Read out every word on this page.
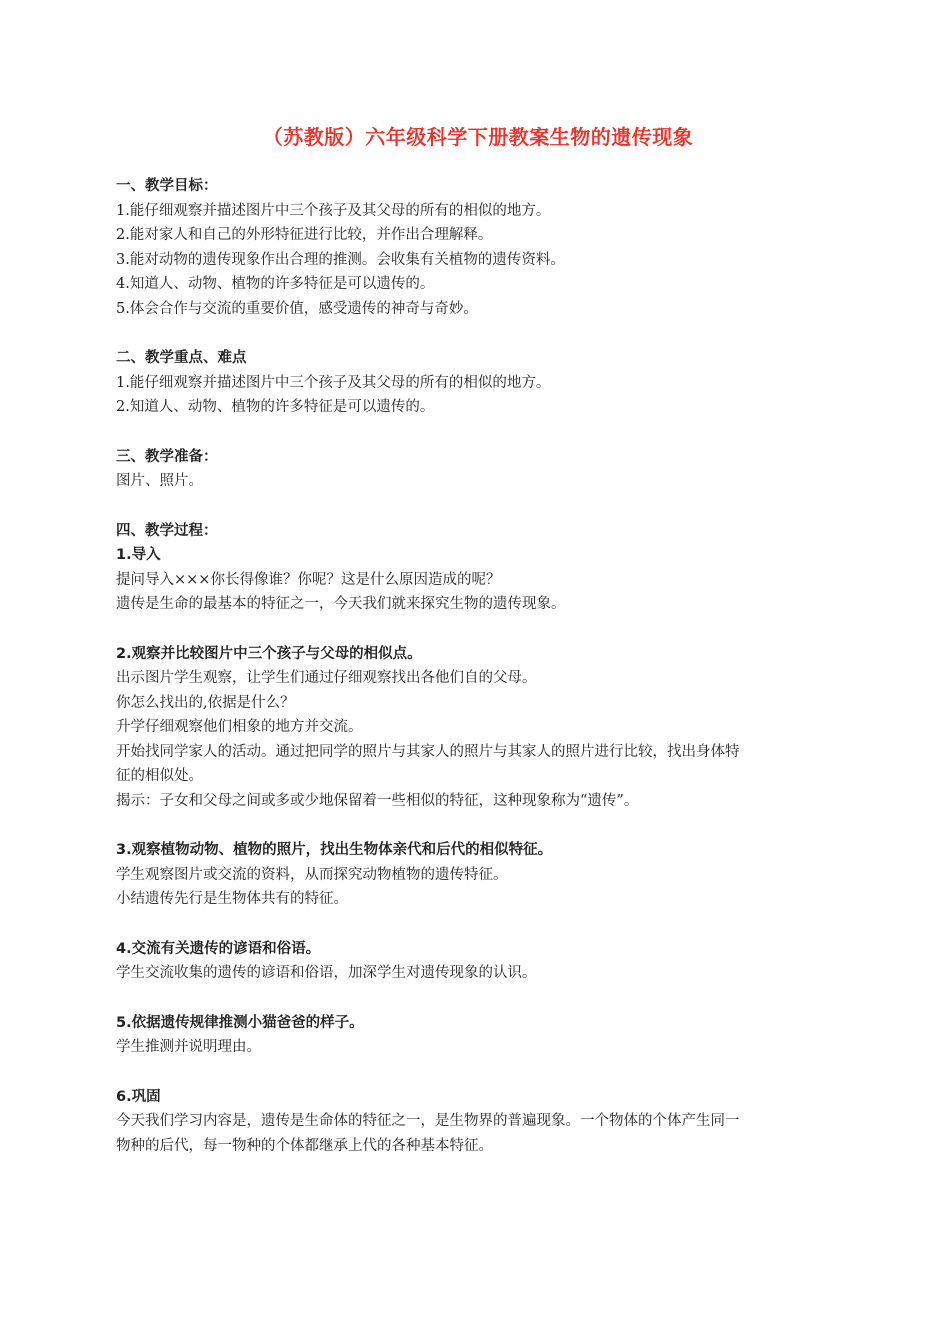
（苏教版）六年级科学下册教案生物的遗传现象

一、教学目标：

1.能仔细观察并描述图片中三个孩子及其父母的所有的相似的地方。

2.能对家人和自己的外形特征进行比较，并作出合理解释。

3.能对动物的遗传现象作出合理的推测。会收集有关植物的遗传资料。

4.知道人、动物、植物的许多特征是可以遗传的。

5.体会合作与交流的重要价值，感受遗传的神奇与奇妙。

二、教学重点、难点

1.能仔细观察并描述图片中三个孩子及其父母的所有的相似的地方。

2.知道人、动物、植物的许多特征是可以遗传的。

三、教学准备：

图片、照片。

四、教学过程：

1.导入

提问导入×××你长得像谁？你呢？这是什么原因造成的呢？

遗传是生命的最基本的特征之一，今天我们就来探究生物的遗传现象。

2.观察并比较图片中三个孩子与父母的相似点。

出示图片学生观察，让学生们通过仔细观察找出各他们自的父母。

你怎么找出的,依据是什么？

升学仔细观察他们相象的地方并交流。

开始找同学家人的活动。通过把同学的照片与其家人的照片与其家人的照片进行比较，找出身体特

征的相似处。

揭示：子女和父母之间或多或少地保留着一些相似的特征，这种现象称为“遗传”。

3.观察植物动物、植物的照片，找出生物体亲代和后代的相似特征。

学生观察图片或交流的资料，从而探究动物植物的遗传特征。

小结遗传先行是生物体共有的特征。

4.交流有关遗传的谚语和俗语。

学生交流收集的遗传的谚语和俗语，加深学生对遗传现象的认识。

5.依据遗传规律推测小猫爸爸的样子。

学生推测并说明理由。

6.巩固

今天我们学习内容是，遗传是生命体的特征之一，是生物界的普遍现象。一个物体的个体产生同一

物种的后代，每一物种的个体都继承上代的各种基本特征。
